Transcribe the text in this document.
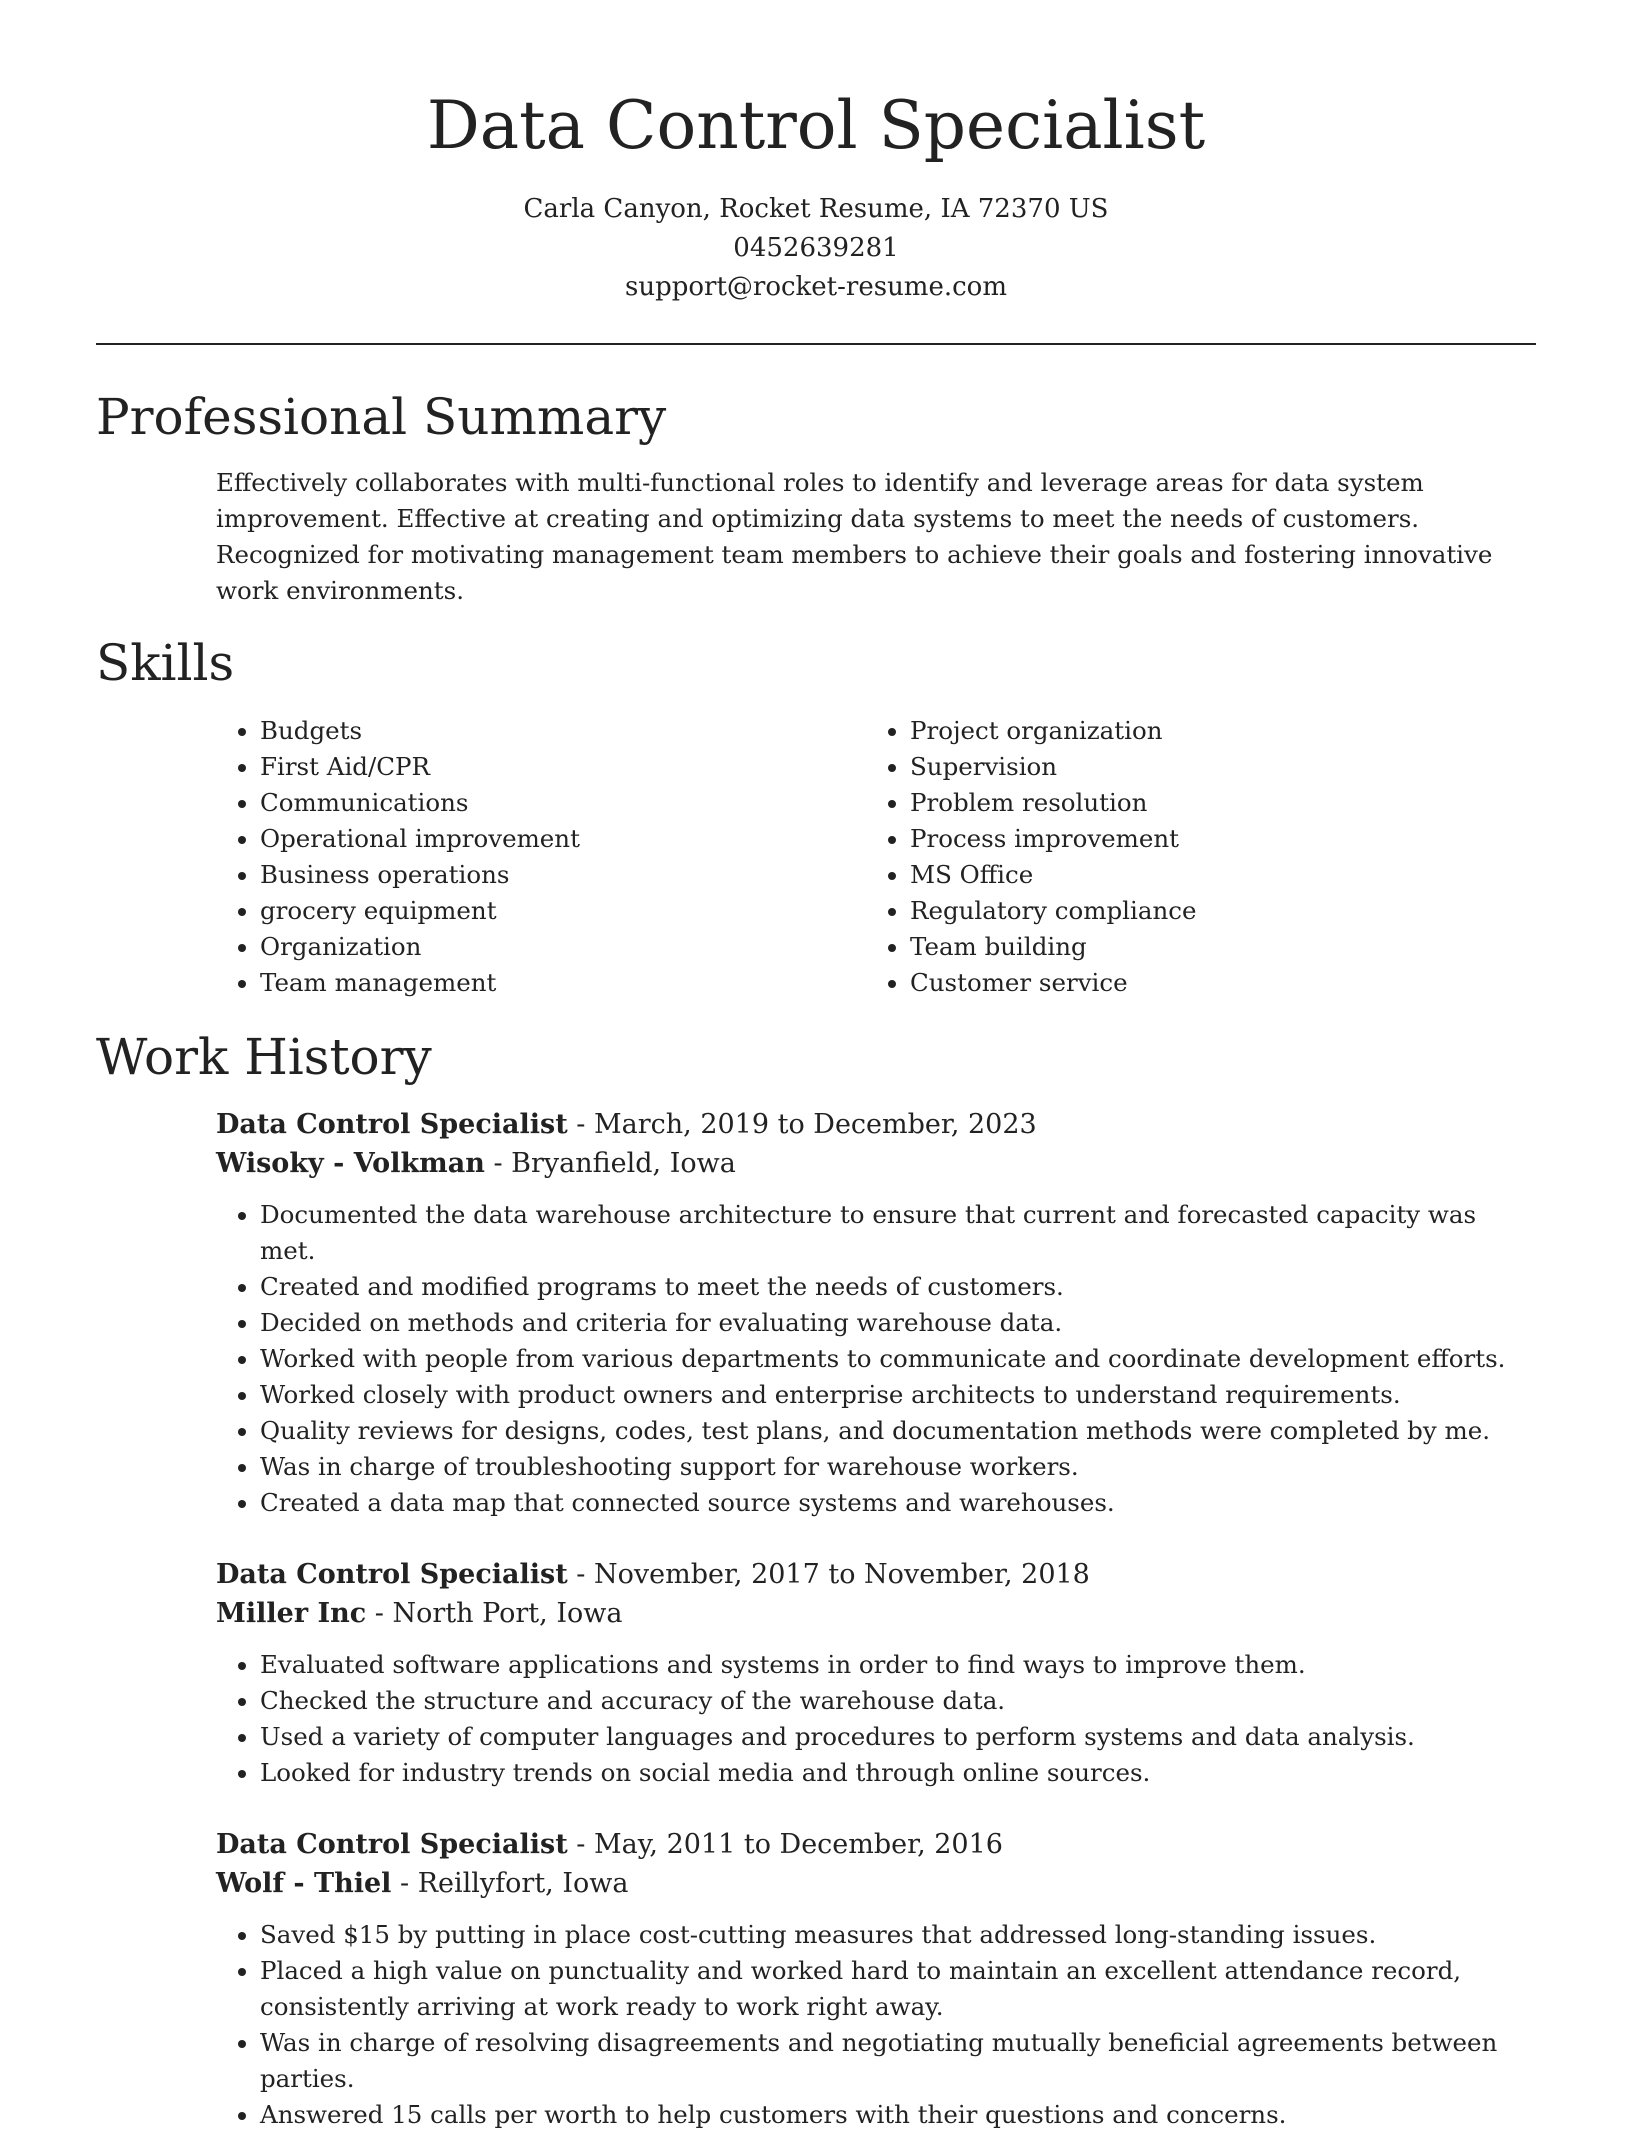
Data Control Specialist

Carla Canyon, Rocket Resume, IA 72370 US

0452639281

support@rocket-resume.com

Professional Summary

Effectively collaborates with multi-functional roles to identify and leverage areas for data system improvement. Effective at creating and optimizing data systems to meet the needs of customers. Recognized for motivating management team members to achieve their goals and fostering innovative work environments.

Skills
• Budgets
• First Aid/CPR
• Communications
• Operational improvement
• Business operations
• grocery equipment
• Organization
• Team management
• Project organization
• Supervision
• Problem resolution
• Process improvement
• MS Office
• Regulatory compliance
• Team building
• Customer service
Work History

Data Control Specialist - March, 2019 to December, 2023

Wisoky - Volkman - Bryanfield, Iowa

• Documented the data warehouse architecture to ensure that current and forecasted capacity was met.
• Created and modified programs to meet the needs of customers.
• Decided on methods and criteria for evaluating warehouse data.
• Worked with people from various departments to communicate and coordinate development efforts.
• Worked closely with product owners and enterprise architects to understand requirements.
• Quality reviews for designs, codes, test plans, and documentation methods were completed by me.
• Was in charge of troubleshooting support for warehouse workers.
• Created a data map that connected source systems and warehouses.

Data Control Specialist - November, 2017 to November, 2018

Miller Inc - North Port, Iowa

• Evaluated software applications and systems in order to find ways to improve them.
• Checked the structure and accuracy of the warehouse data.
• Used a variety of computer languages and procedures to perform systems and data analysis.
• Looked for industry trends on social media and through online sources.

Data Control Specialist - May, 2011 to December, 2016

Wolf - Thiel - Reillyfort, Iowa

• Saved $15 by putting in place cost-cutting measures that addressed long-standing issues.
• Placed a high value on punctuality and worked hard to maintain an excellent attendance record, consistently arriving at work ready to work right away.
• Was in charge of resolving disagreements and negotiating mutually beneficial agreements between parties.
• Answered 15 calls per worth to help customers with their questions and concerns.
